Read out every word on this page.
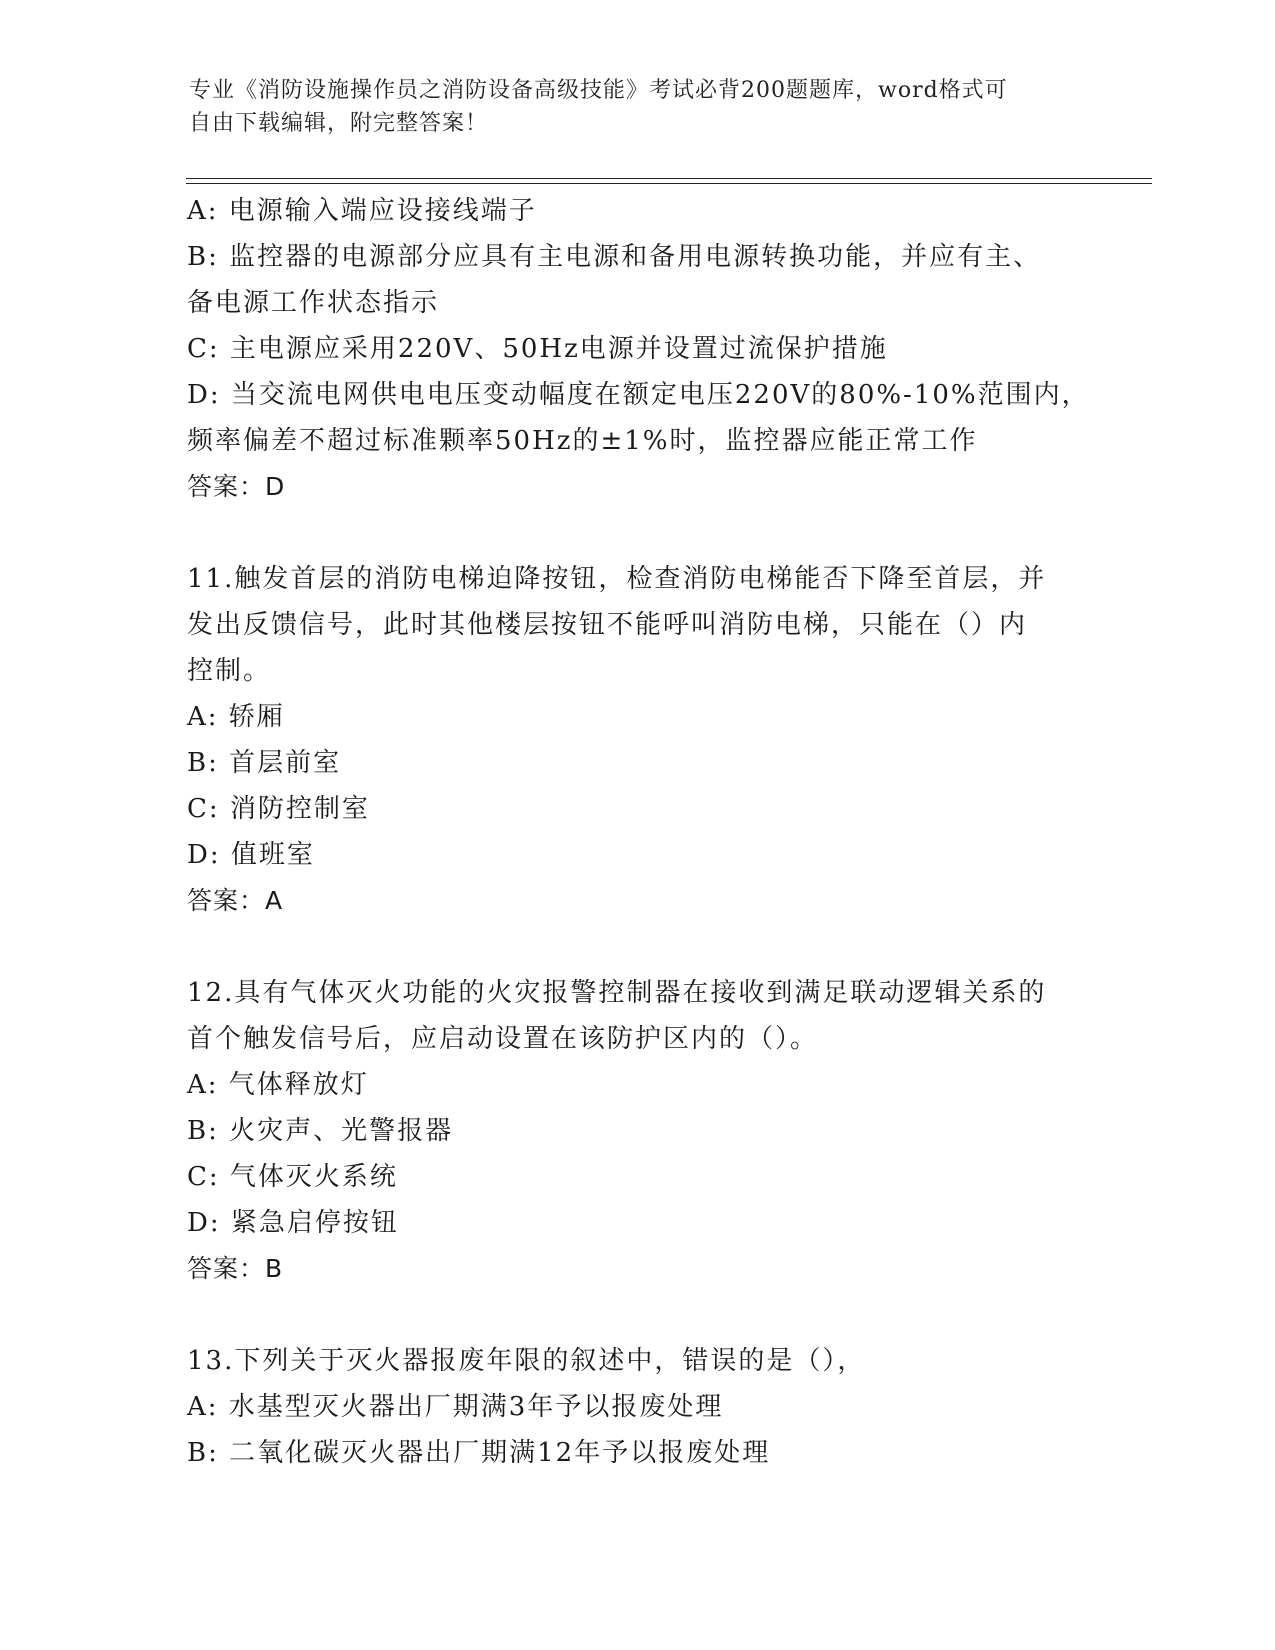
专业《消防设施操作员之消防设备高级技能》考试必背200题题库，word格式可
自由下载编辑，附完整答案！

A: 电源输入端应设接线端子

B: 监控器的电源部分应具有主电源和备用电源转换功能，并应有主、

备电源工作状态指示

C: 主电源应采用220V、50Hz电源并设置过流保护措施

D: 当交流电网供电电压变动幅度在额定电压220V的80%-10%范围内，

频率偏差不超过标准颗率50Hz的±1%时，监控器应能正常工作

答案：D

11.触发首层的消防电梯迫降按钮，检查消防电梯能否下降至首层，并

发出反馈信号，此时其他楼层按钮不能呼叫消防电梯，只能在（）内

控制。

A: 轿厢

B: 首层前室

C: 消防控制室

D: 值班室

答案：A

12.具有气体灭火功能的火灾报警控制器在接收到满足联动逻辑关系的

首个触发信号后，应启动设置在该防护区内的（）。

A: 气体释放灯

B: 火灾声、光警报器

C: 气体灭火系统

D: 紧急启停按钮

答案：B

13.下列关于灭火器报废年限的叙述中，错误的是（），

A: 水基型灭火器出厂期满3年予以报废处理

B: 二氧化碳灭火器出厂期满12年予以报废处理
